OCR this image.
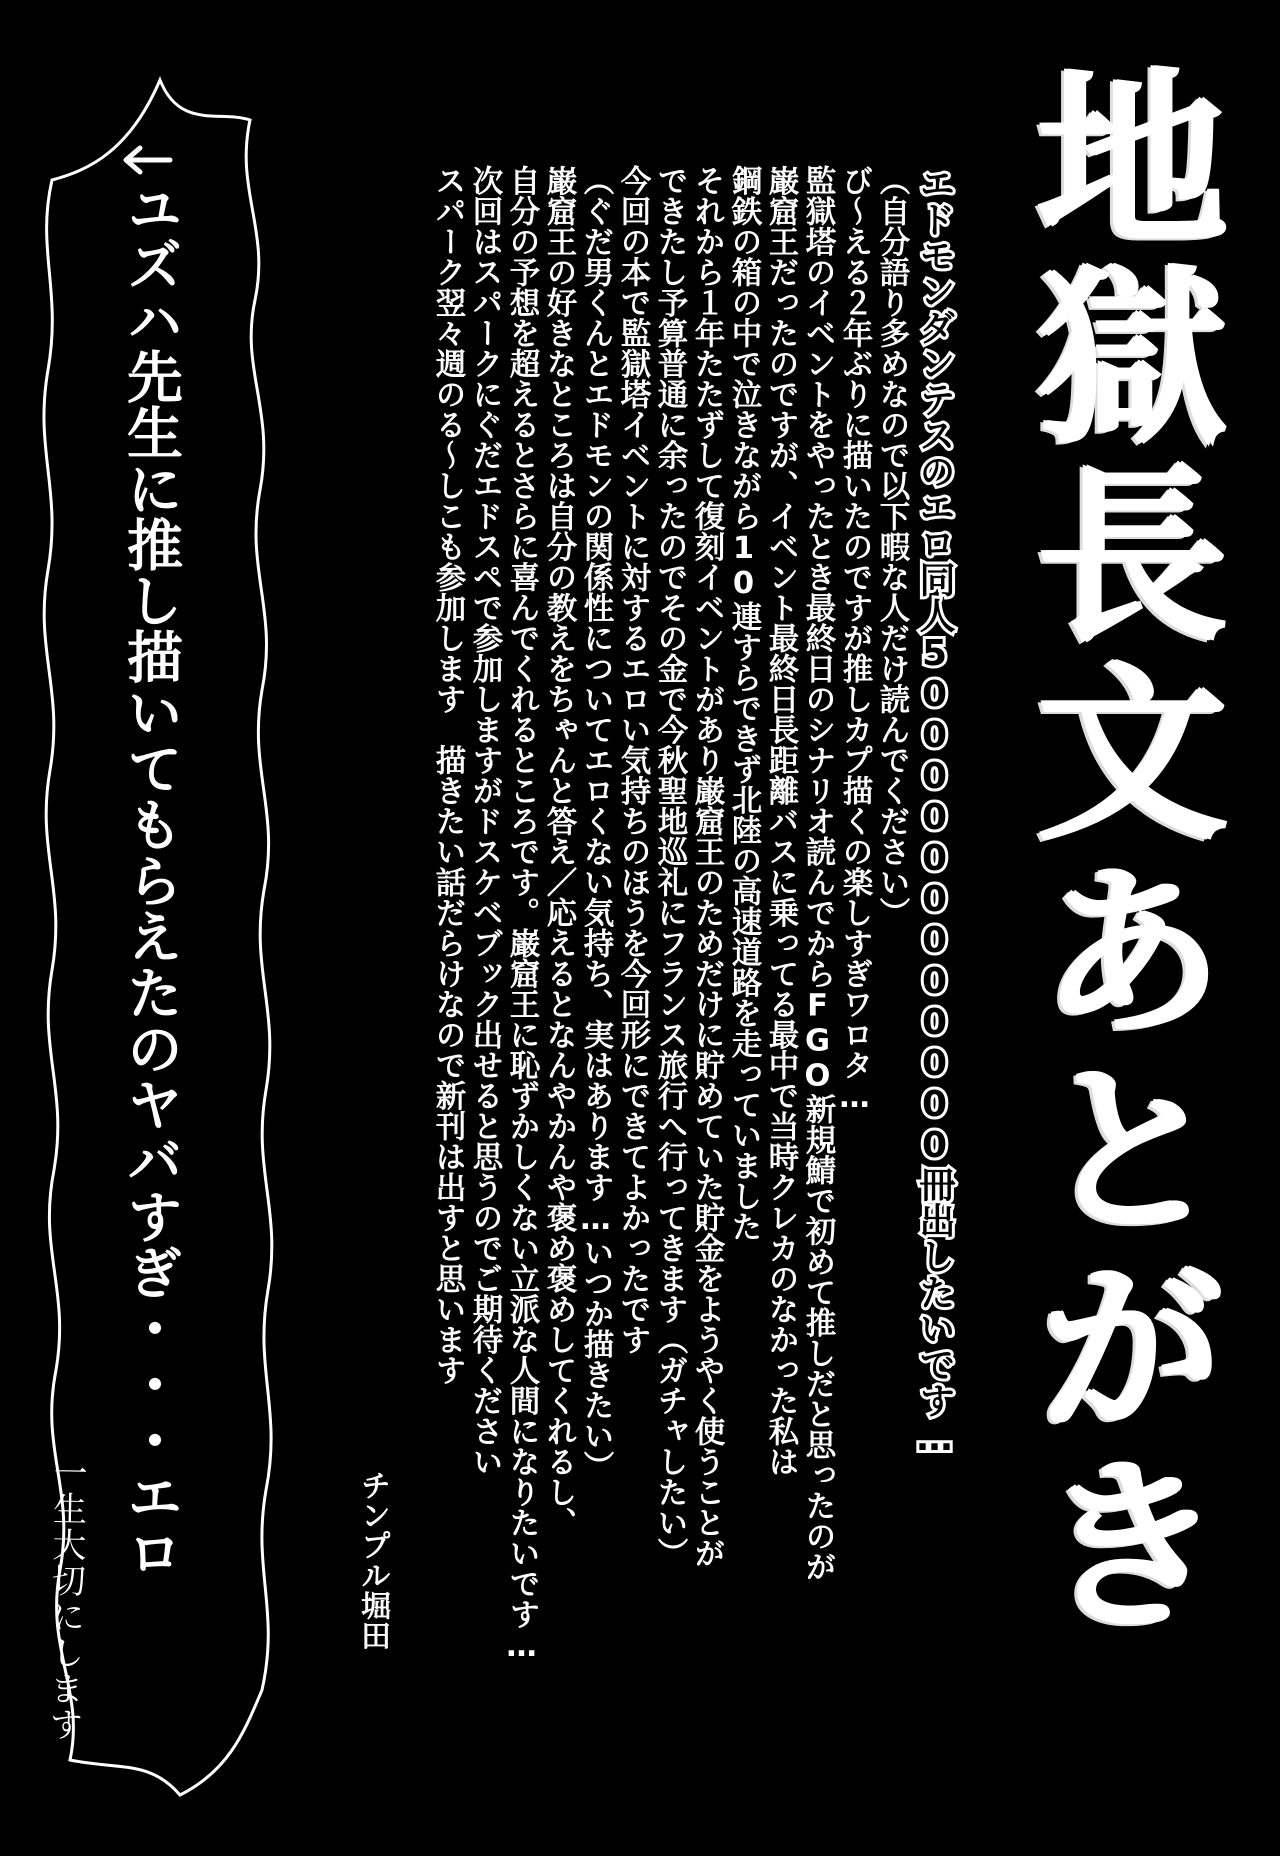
地獄長文あとがき
エドモンダンテスのエロ同人5000000000000冊出したいです…
（自分語り多めなので以下暇な人だけ読んでください）
び～える２年ぶりに描いたのですが推しカプ描くの楽しすぎワロタ…
監獄塔のイベントをやったとき最終日のシナリオ読んでからFGO新規鯖で初めて推しだと思ったのが
巌窟王だったのですが、イベント最終日長距離バスに乗ってる最中で当時クレカのなかった私は
鋼鉄の箱の中で泣きながら10連すらできず北陸の高速道路を走っていました
それから１年たたずして復刻イベントがあり巌窟王のためだけに貯めていた貯金をようやく使うことが
できたし予算普通に余ったのでその金で今秋聖地巡礼にフランス旅行へ行ってきます（ガチャしたい）
今回の本で監獄塔イベントに対するエロい気持ちのほうを今回形にできてよかったです
（ぐだ男くんとエドモンの関係性についてエロくない気持ち、実はあります…いつか描きたい）
巌窟王の好きなところは自分の教えをちゃんと答え／応えるとなんやかんや褒め褒めしてくれるし、
自分の予想を超えるとさらに喜んでくれるところです。巌窟王に恥ずかしくない立派な人間になりたいです…
次回はスパークにぐだエドスペで参加しますがドスケベブック出せると思うのでご期待ください
スパーク翌々週のる～しこも参加します　描きたい話だらけなので新刊は出すと思います
チンプル堀田
ユズハ先生に推し描いてもらえたのヤバすぎ・・・エロ
一生大切にします
